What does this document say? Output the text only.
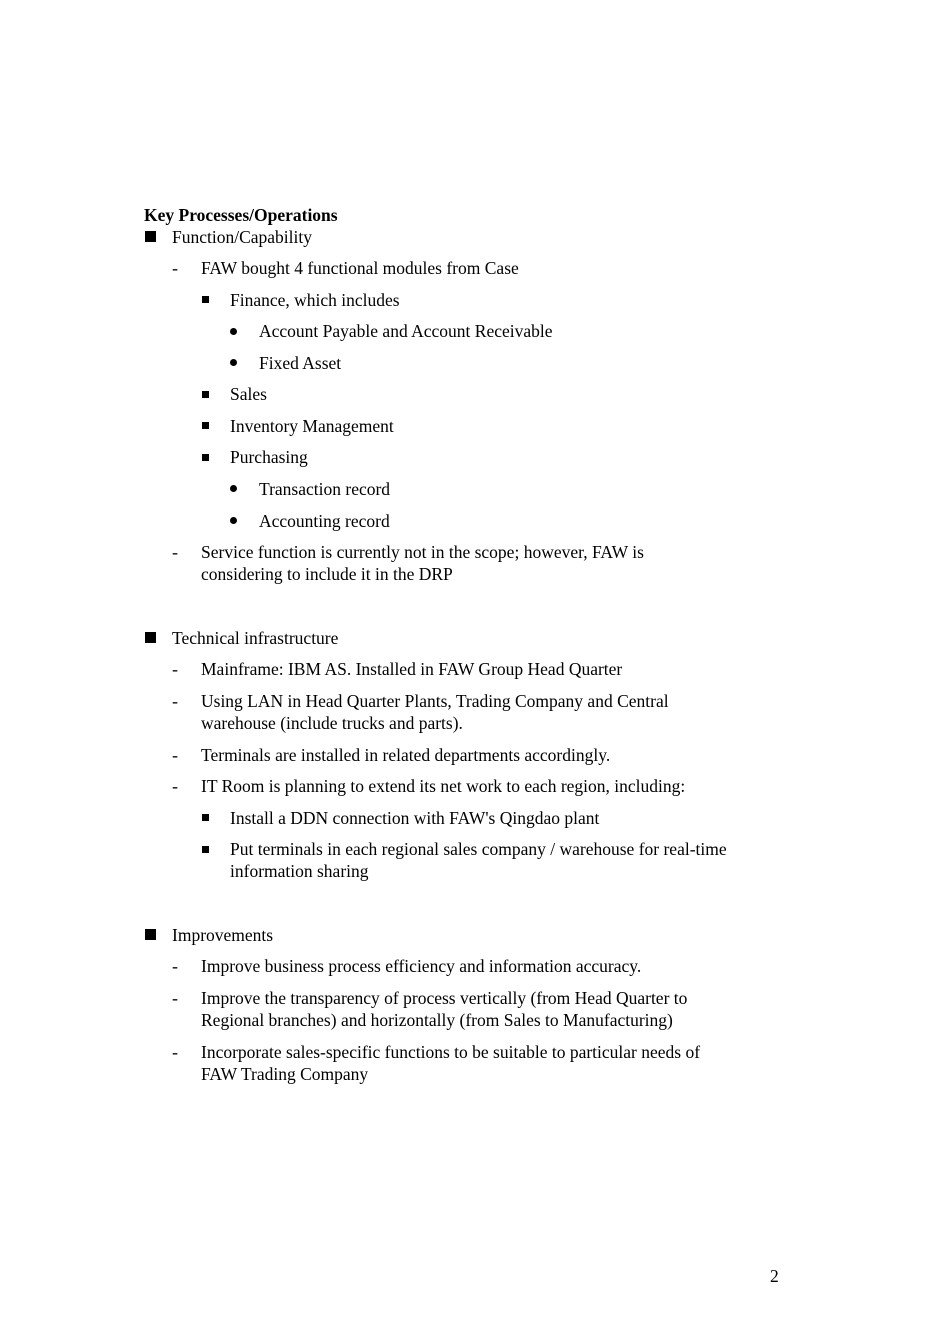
Key Processes/Operations
Function/Capability
- FAW bought 4 functional modules from Case
Finance, which includes
Account Payable and Account Receivable
Fixed Asset
Sales
Inventory Management
Purchasing
Transaction record
Accounting record
- Service function is currently not in the scope; however, FAW is
considering to include it in the DRP
Technical infrastructure
- Mainframe: IBM AS. Installed in FAW Group Head Quarter
- Using LAN in Head Quarter Plants, Trading Company and Central
warehouse (include trucks and parts).
- Terminals are installed in related departments accordingly.
- IT Room is planning to extend its net work to each region, including:
Install a DDN connection with FAW's Qingdao plant
Put terminals in each regional sales company / warehouse for real-time
information sharing
Improvements
- Improve business process efficiency and information accuracy.
- Improve the transparency of process vertically (from Head Quarter to
Regional branches) and horizontally (from Sales to Manufacturing)
- Incorporate sales-specific functions to be suitable to particular needs of
FAW Trading Company
2
